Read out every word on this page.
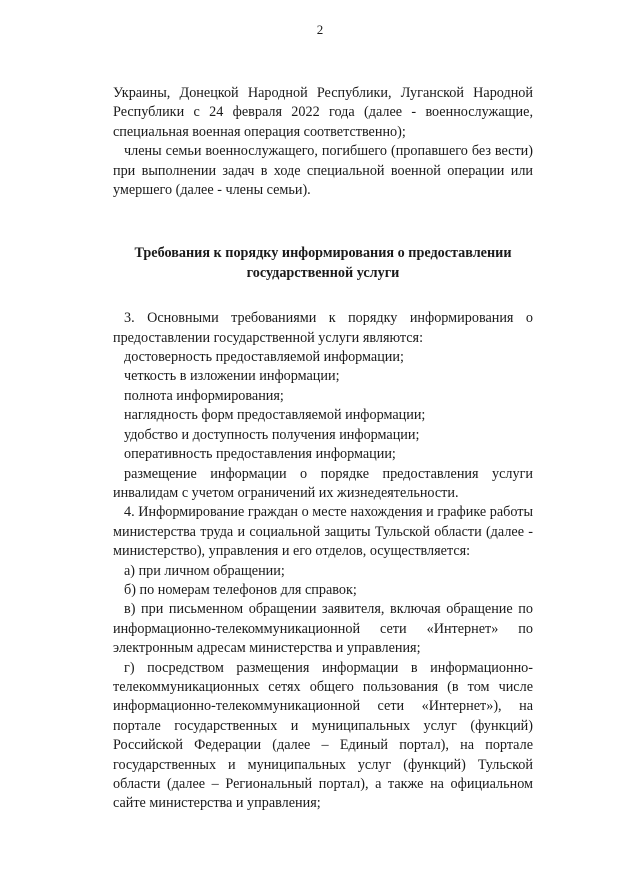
2

Украины, Донецкой Народной Республики, Луганской Народной Республики с 24 февраля 2022 года (далее - военнослужащие, специальная военная операция соответственно);

члены семьи военнослужащего, погибшего (пропавшего без вести) при выполнении задач в ходе специальной военной операции или умершего (далее - члены семьи).

Требования к порядку информирования о предоставлении
государственной услуги

3. Основными требованиями к порядку информирования о предоставлении государственной услуги являются:

достоверность предоставляемой информации;

четкость в изложении информации;

полнота информирования;

наглядность форм предоставляемой информации;

удобство и доступность получения информации;

оперативность предоставления информации;

размещение информации о порядке предоставления услуги инвалидам с учетом ограничений их жизнедеятельности.

4. Информирование граждан о месте нахождения и графике работы министерства труда и социальной защиты Тульской области (далее - министерство), управления и его отделов, осуществляется:

а) при личном обращении;

б) по номерам телефонов для справок;

в) при письменном обращении заявителя, включая обращение по информационно-телекоммуникационной сети «Интернет» по электронным адресам министерства и управления;

г) посредством размещения информации в информационно-телекоммуникационных сетях общего пользования (в том числе информационно-телекоммуникационной сети «Интернет»), на портале государственных и муниципальных услуг (функций) Российской Федерации (далее – Единый портал), на портале государственных и муниципальных услуг (функций) Тульской области (далее – Региональный портал), а также на официальном сайте министерства и управления;
